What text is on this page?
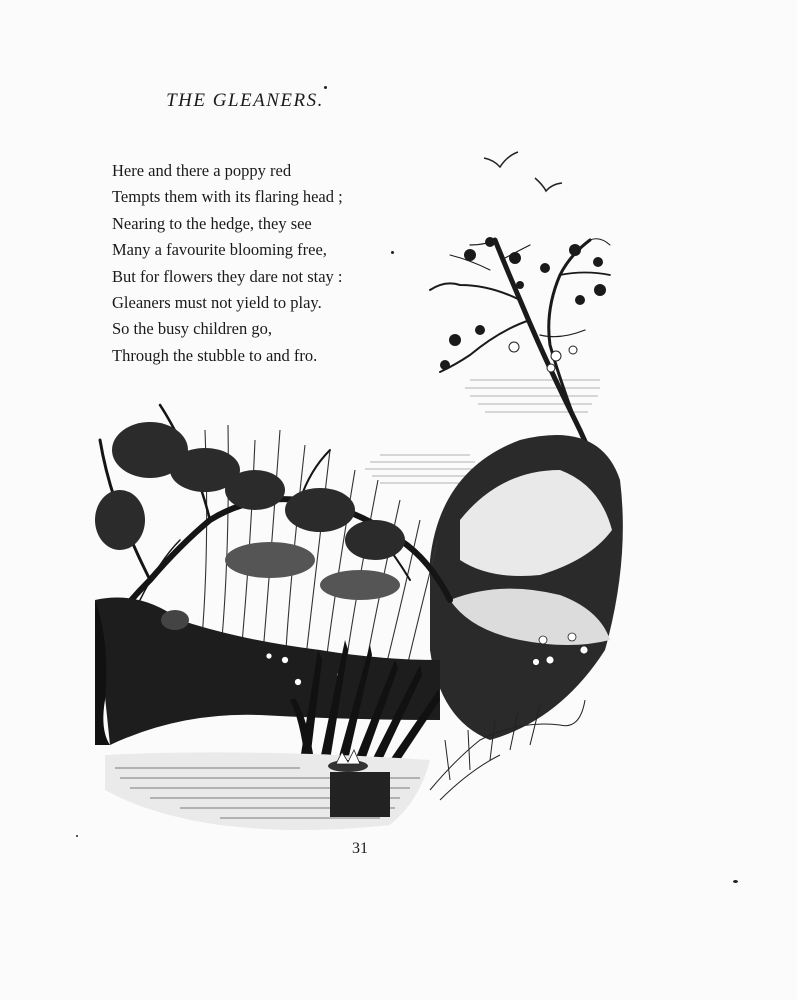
THE GLEANERS.
Here and there a poppy red
Tempts them with its flaring head ;
Nearing to the hedge, they see
Many a favourite blooming free,
But for flowers they dare not stay :
Gleaners must not yield to play.
So the busy children go,
Through the stubble to and fro.
31
